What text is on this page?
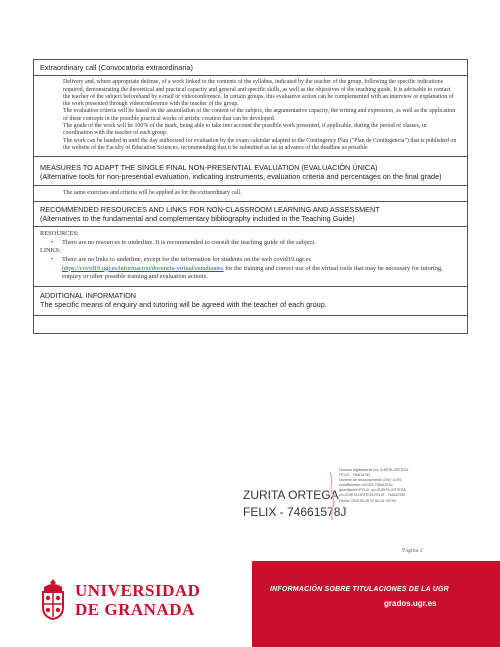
Extraordinary call (Convocatoria extraordinaria)
Delivery and, where appropriate defense, of a work linked to the contents of the syllabus, indicated by the teacher of the group, following the specific indications required, demonstrating the theoretical and practical capacity and general and specific skills, as well as the objectives of the teaching guide. It is advisable to contact the teacher of the subject beforehand by e-mail or videoconference. In certain groups, this evaluative action can be complemented with an interview or explanation of the work presented through videoconference with the teacher of the group.
The evaluation criteria will be based on the assimilation of the content of the subject, the argumentative capacity, the writing and expression, as well as the application of these concepts in the possible practical works of artistic creation that can be developed.
The grade of the work will be 100% of the mark, being able to take into account the possible work presented, if applicable, during the period of classes, in coordination with the teacher of each group.
The work can be handed in until the day authorized for evaluation by the exam calendar adapted to the Contingency Plan ("Plan de Contingencia") that is published on the website of the Faculty of Education Sciences, recommending that it be submitted as far in advance of the deadline as possible
MEASURES TO ADAPT THE SINGLE FINAL NON-PRESENTIAL EVALUATION (EVALUACIÓN ÚNICA)
(Alternative tools for non-presential evaluation, indicating instruments, evaluation criteria and percentages on the final grade)
The same exercises and criteria will be applied as for the extraordinary call.
RECOMMENDED RESOURCES AND LINKS FOR NON-CLASSROOM LEARNING AND ASSESSMENT
(Alternatives to the fundamental and complementary bibliography included in the Teaching Guide)
RESOURCES:
• There are no resources to underline. It is recommended to consult the teaching guide of the subject.
LINKS:
• There are no links to underline, except for the information for students on the web covid19.ugr.es
https://covid19.ugr.es/informacion/docencia-virtual/estudiantes for the training and correct use of the virtual tools that may be necessary for tutoring, enquiry or other possible training and evaluation actions.
ADDITIONAL INFORMATION
The specific means of enquiry and tutoring will be agreed with the teacher of each group.
ZURITA ORTEGA
FELIX - 74661578J
Firmado digitalmente por ZURITA ORTEGA
FELIX - 74661578J
Nombre de reconocimiento (DN): c=ES,
serialNumber=IDCES-74661578J,
givenName=FELIX, sn=ZURITA ORTEGA,
cn=ZURITA ORTEGA FELIX - 74661578J
Fecha: 2020.05.26 07:56:15 +02'00'
Página 2
UNIVERSIDAD
DE GRANADA
INFORMACIÓN SOBRE TITULACIONES DE LA UGR
grados.ugr.es
